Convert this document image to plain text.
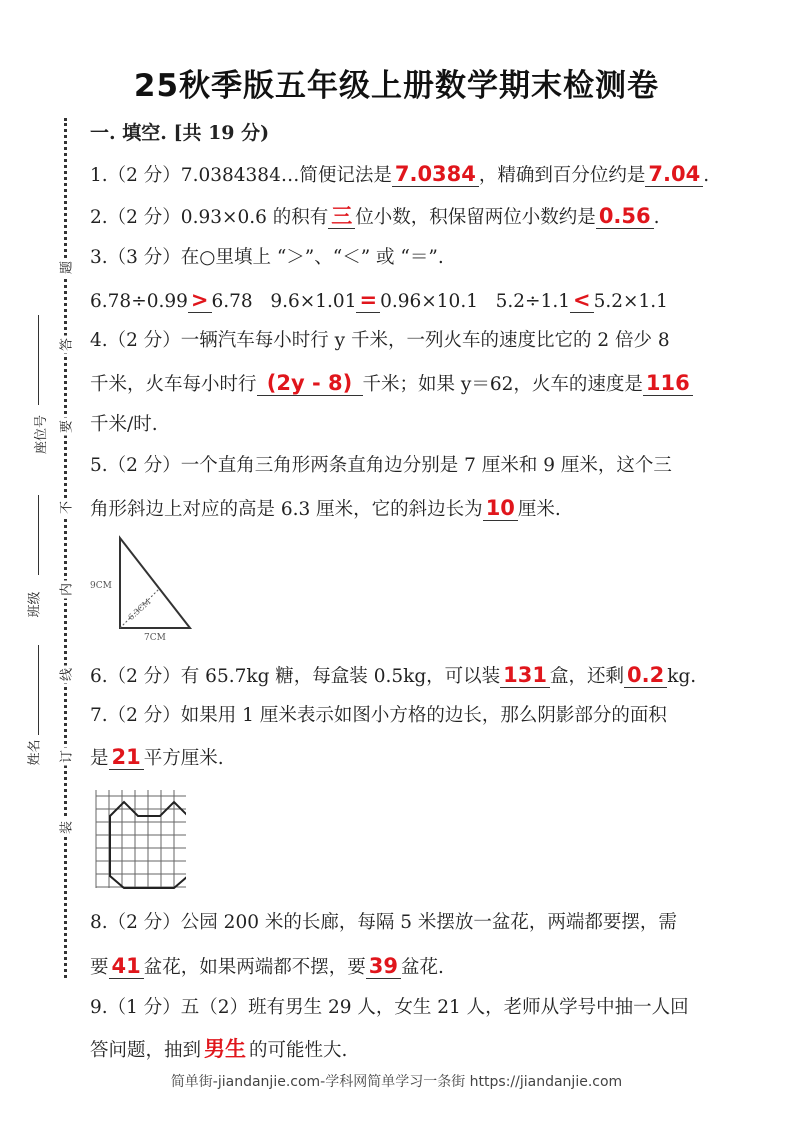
25秋季版五年级上册数学期末检测卷
题
答
要
不
内
线
订
装
座位号
班级
姓名
一. 填空. [共 19 分)
1.（2 分）7.0384384…简便记法是 7.0384 ，精确到百分位约是 7.04 .
2.（2 分）0.93×0.6 的积有 三 位小数，积保留两位小数约是 0.56 .
3.（3 分）在○里填上 “＞”、“＜” 或 “＝”.
6.78÷0.99 > 6.78 9.6×1.01 = 0.96×10.1 5.2÷1.1 < 5.2×1.1
4.（2 分）一辆汽车每小时行 y 千米，一列火车的速度比它的 2 倍少 8
千米，火车每小时行 (2y - 8) 千米；如果 y＝62，火车的速度是 116
千米/时.
5.（2 分）一个直角三角形两条直角边分别是 7 厘米和 9 厘米，这个三
角形斜边上对应的高是 6.3 厘米，它的斜边长为 10 厘米.
9CM
7CM
6.3CM
6.（2 分）有 65.7kg 糖，每盒装 0.5kg，可以装 131 盒，还剩 0.2 kg.
7.（2 分）如果用 1 厘米表示如图小方格的边长，那么阴影部分的面积
是 21 平方厘米.
8.（2 分）公园 200 米的长廊，每隔 5 米摆放一盆花，两端都要摆，需
要 41 盆花，如果两端都不摆，要 39 盆花.
9.（1 分）五（2）班有男生 29 人，女生 21 人，老师从学号中抽一人回
答问题，抽到 男生 的可能性大.
简单街-jiandanjie.com-学科网简单学习一条街 https://jiandanjie.com
